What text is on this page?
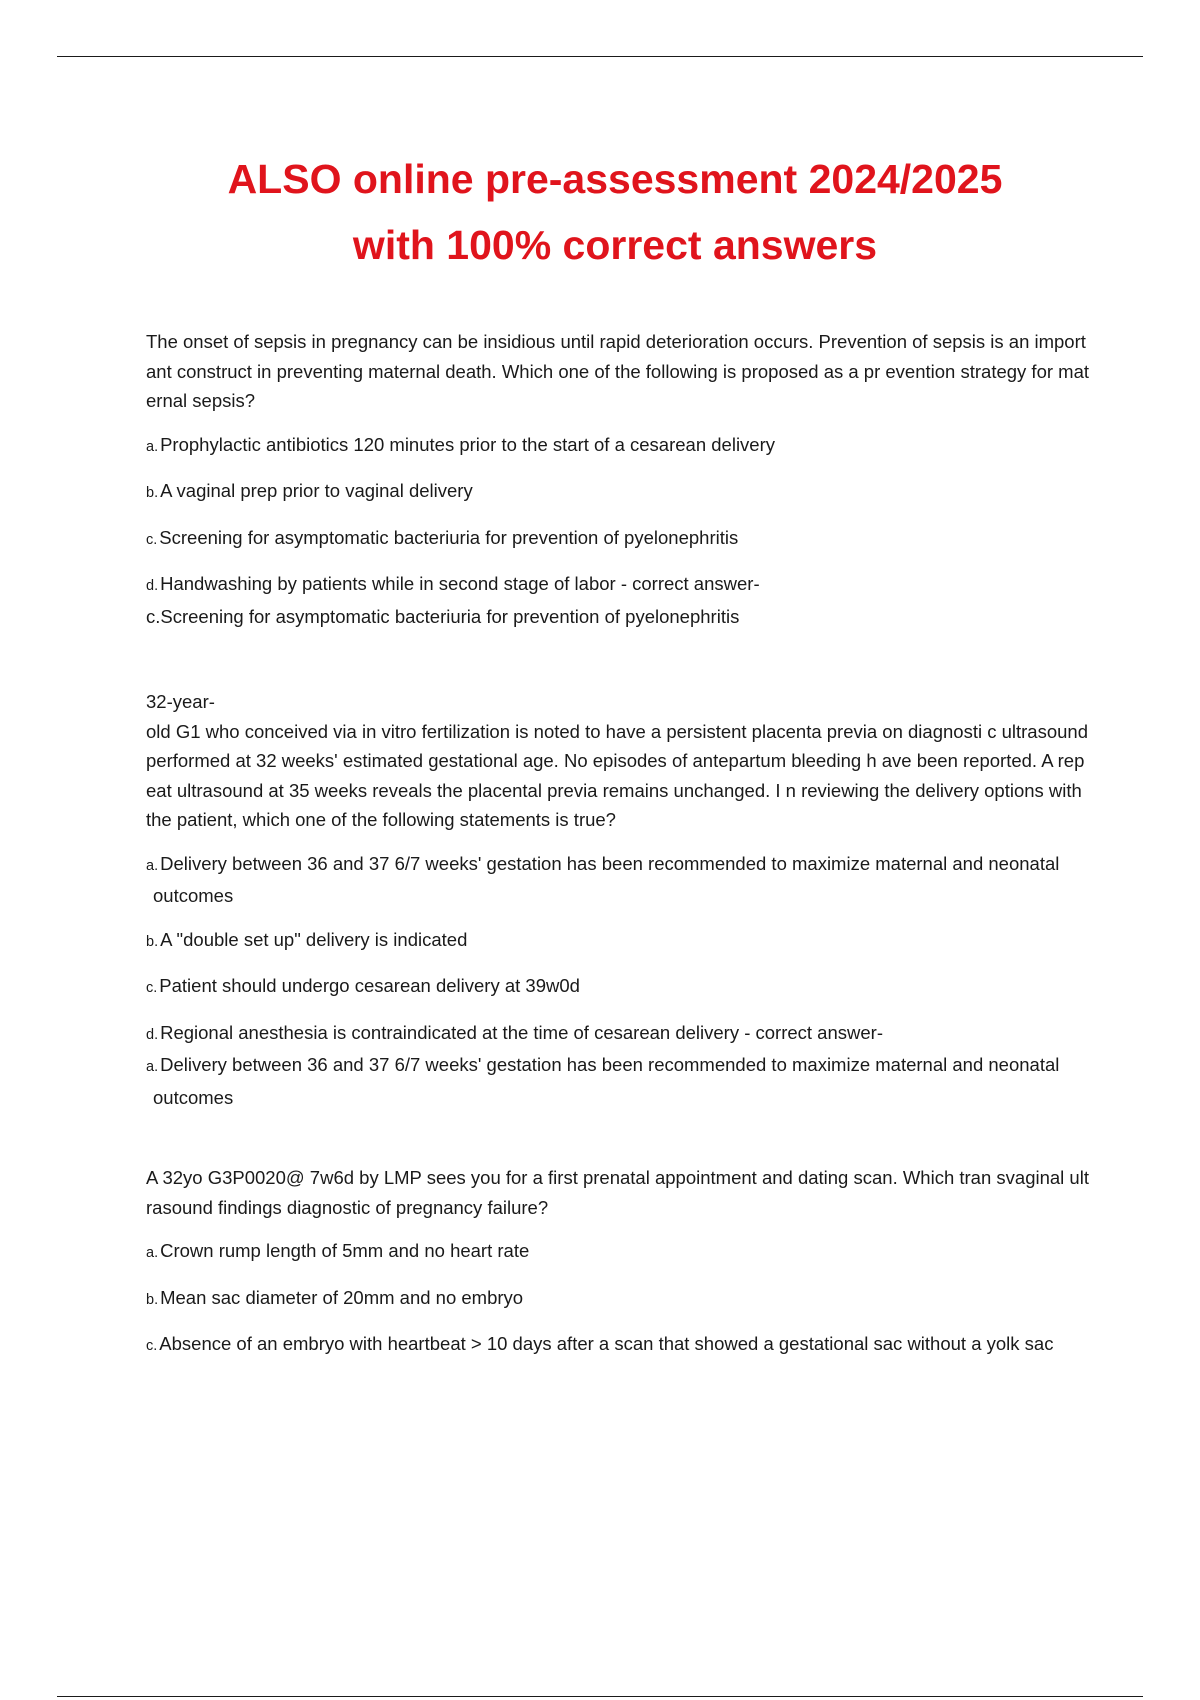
ALSO online pre-assessment 2024/2025
with 100% correct answers

The onset of sepsis in pregnancy can be insidious until rapid deterioration occurs. Prevention of sepsis is an important construct in preventing maternal death. Which one of the following is proposed as a pr evention strategy for maternal sepsis?

a. Prophylactic antibiotics 120 minutes prior to the start of a cesarean delivery

b. A vaginal prep prior to vaginal delivery

c. Screening for asymptomatic bacteriuria for prevention of pyelonephritis

d. Handwashing by patients while in second stage of labor - correct answer-

c.Screening for asymptomatic bacteriuria for prevention of pyelonephritis

32-year-

old G1 who conceived via in vitro fertilization is noted to have a persistent placenta previa on diagnosti c ultrasound performed at 32 weeks' estimated gestational age. No episodes of antepartum bleeding h ave been reported. A repeat ultrasound at 35 weeks reveals the placental previa remains unchanged. I n reviewing the delivery options with the patient, which one of the following statements is true?

a. Delivery between 36 and 37 6/7 weeks' gestation has been recommended to maximize maternal and neonatal outcomes

b. A "double set up" delivery is indicated

c. Patient should undergo cesarean delivery at 39w0d

d. Regional anesthesia is contraindicated at the time of cesarean delivery - correct answer-

a. Delivery between 36 and 37 6/7 weeks' gestation has been recommended to maximize maternal and neonatal outcomes

A 32yo G3P0020@ 7w6d by LMP sees you for a first prenatal appointment and dating scan. Which tran svaginal ultrasound findings diagnostic of pregnancy failure?

a. Crown rump length of 5mm and no heart rate

b. Mean sac diameter of 20mm and no embryo

c. Absence of an embryo with heartbeat > 10 days after a scan that showed a gestational sac without a yolk sac
